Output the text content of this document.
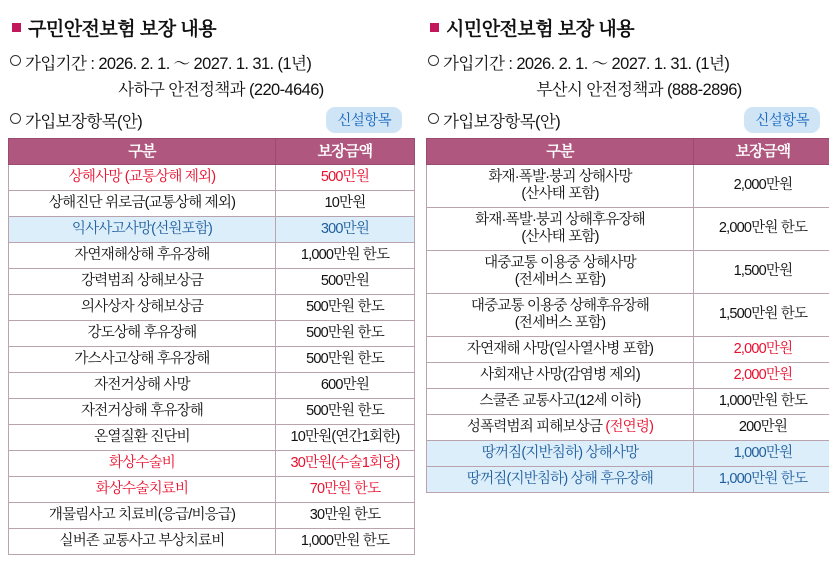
구민안전보험 보장 내용
가입기간 :
2026. 2. 1. ～ 2027. 1. 31. (1년)
사하구 안전정책과 (220-4646)
가입보장항목(안)	신설항목
구분	보장금액
상해사망 (교통상해 제외)	500만원
상해진단 위로금(교통상해 제외)	10만원
익사사고사망(선원포함)	300만원
자연재해상해 후유장해	1,000만원 한도
강력범죄 상해보상금	500만원
의사상자 상해보상금	500만원 한도
강도상해 후유장해	500만원 한도
가스사고상해 후유장해	500만원 한도
자전거상해 사망	600만원
자전거상해 후유장해	500만원 한도
온열질환 진단비	10만원(연간1회한)
화상수술비	30만원(수술1회당)
화상수술치료비	70만원 한도
개물림사고 치료비(응급/비응급)	30만원 한도
실버존 교통사고 부상치료비	1,000만원 한도
시민안전보험 보장 내용
가입기간 :
2026. 2. 1. ～ 2027. 1. 31. (1년)
부산시 안전정책과 (888-2896)
가입보장항목(안)	신설항목
구분	보장금액

화재·폭발·붕괴 상해사망
(산사태 포함)	2,000만원

화재·폭발·붕괴 상해후유장해
(산사태 포함)	2,000만원 한도

대중교통 이용중 상해사망
(전세버스 포함)	1,500만원

대중교통 이용중 상해후유장해
(전세버스 포함)	1,500만원 한도
자연재해 사망(일사열사병 포함)	2,000만원
사회재난 사망(감염병 제외)	2,000만원
스쿨존 교통사고(12세 이하)	1,000만원 한도
성폭력범죄 피해보상금 (전연령)	200만원
땅꺼짐(지반침하) 상해사망	1,000만원
땅꺼짐(지반침하) 상해 후유장해	1,000만원 한도
